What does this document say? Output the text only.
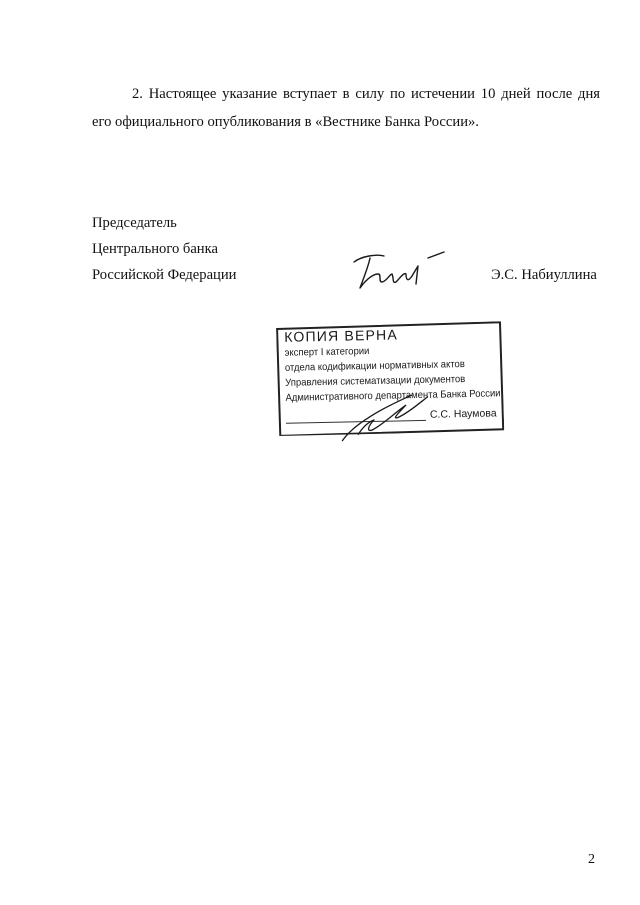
2. Настоящее указание вступает в силу по истечении 10 дней после дня
его официального опубликования в «Вестнике Банка России».

Председатель
Центрального банка
Российской Федерации	Э.С. Набиуллина
КОПИЯ ВЕРНА
эксперт I категории
отдела кодификации нормативных актов
Управления систематизации документов
Административного департамента Банка России
С.С. Наумова
2
